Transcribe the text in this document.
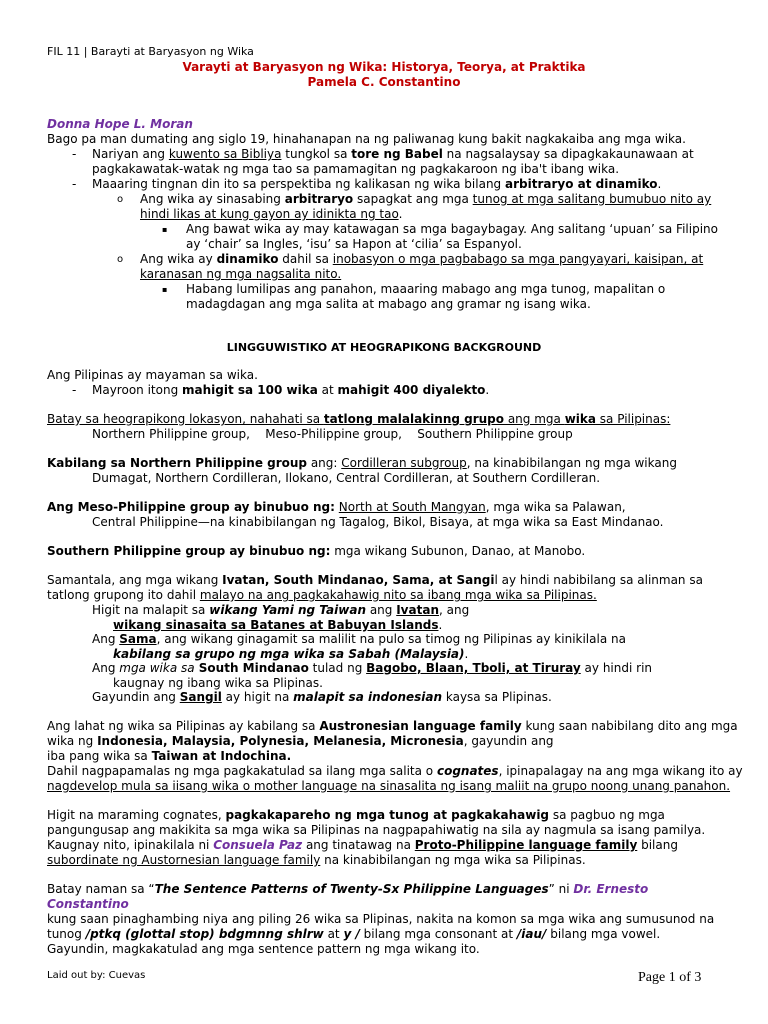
FIL 11 | Barayti at Baryasyon ng Wika
Varayti at Baryasyon ng Wika: Historya, Teorya, at Praktika
Pamela C. Constantino
Donna Hope L. Moran
Bago pa man dumating ang siglo 19, hinahanapan na ng paliwanag kung bakit nagkakaiba ang mga wika.
- Nariyan ang kuwento sa Bibliya tungkol sa tore ng Babel na nagsalaysay sa dipagkakaunawaan at
pagkakawatak-watak ng mga tao sa pamamagitan ng pagkakaroon ng iba't ibang wika.
- Maaaring tingnan din ito sa perspektiba ng kalikasan ng wika bilang arbitraryo at dinamiko.
o Ang wika ay sinasabing arbitraryo sapagkat ang mga tunog at mga salitang bumubuo nito ay
hindi likas at kung gayon ay idinikta ng tao.
▪ Ang bawat wika ay may katawagan sa mga bagaybagay. Ang salitang ‘upuan’ sa Filipino
ay ‘chair’ sa Ingles, ‘isu’ sa Hapon at ‘cilia’ sa Espanyol.
o Ang wika ay dinamiko dahil sa inobasyon o mga pagbabago sa mga pangyayari, kaisipan, at
karanasan ng mga nagsalita nito.
▪ Habang lumilipas ang panahon, maaaring mabago ang mga tunog, mapalitan o
madagdagan ang mga salita at mabago ang gramar ng isang wika.
LINGGUWISTIKO AT HEOGRAPIKONG BACKGROUND
Ang Pilipinas ay mayaman sa wika.
- Mayroon itong mahigit sa 100 wika at mahigit 400 diyalekto.
Batay sa heograpikong lokasyon, nahahati sa tatlong malalakinng grupo ang mga wika sa Pilipinas:
Northern Philippine group,    Meso-Philippine group,    Southern Philippine group
Kabilang sa Northern Philippine group ang: Cordilleran subgroup, na kinabibilangan ng mga wikang
Dumagat, Northern Cordilleran, Ilokano, Central Cordilleran, at Southern Cordilleran.
Ang Meso-Philippine group ay binubuo ng: North at South Mangyan, mga wika sa Palawan,
Central Philippine—na kinabibilangan ng Tagalog, Bikol, Bisaya, at mga wika sa East Mindanao.
Southern Philippine group ay binubuo ng: mga wikang Subunon, Danao, at Manobo.
Samantala, ang mga wikang Ivatan, South Mindanao, Sama, at Sangil ay hindi nabibilang sa alinman sa
tatlong grupong ito dahil malayo na ang pagkakahawig nito sa ibang mga wika sa Pilipinas.
Higit na malapit sa wikang Yami ng Taiwan ang Ivatan, ang
wikang sinasaita sa Batanes at Babuyan Islands.
Ang Sama, ang wikang ginagamit sa malilit na pulo sa timog ng Pilipinas ay kinikilala na
kabilang sa grupo ng mga wika sa Sabah (Malaysia).
Ang mga wika sa South Mindanao tulad ng Bagobo, Blaan, Tboli, at Tiruray ay hindi rin
kaugnay ng ibang wika sa Plipinas.
Gayundin ang Sangil ay higit na malapit sa indonesian kaysa sa Plipinas.
Ang lahat ng wika sa Pilipinas ay kabilang sa Austronesian language family kung saan nabibilang dito ang mga
wika ng Indonesia, Malaysia, Polynesia, Melanesia, Micronesia, gayundin ang
iba pang wika sa Taiwan at Indochina.
Dahil nagpapamalas ng mga pagkakatulad sa ilang mga salita o cognates, ipinapalagay na ang mga wikang ito ay
nagdevelop mula sa iisang wika o mother language na sinasalita ng isang maliit na grupo noong unang panahon.
Higit na maraming cognates, pagkakapareho ng mga tunog at pagkakahawig sa pagbuo ng mga
pangungusap ang makikita sa mga wika sa Pilipinas na nagpapahiwatig na sila ay nagmula sa isang pamilya.
Kaugnay nito, ipinakilala ni Consuela Paz ang tinatawag na Proto-Philippine language family bilang
subordinate ng Austornesian language family na kinabibilangan ng mga wika sa Pilipinas.
Batay naman sa “The Sentence Patterns of Twenty-Sx Philippine Languages” ni Dr. Ernesto
Constantino
kung saan pinaghambing niya ang piling 26 wika sa Plipinas, nakita na komon sa mga wika ang sumusunod na
tunog /ptkq (glottal stop) bdgmnng shlrw at y / bilang mga consonant at /iau/ bilang mga vowel.
Gayundin, magkakatulad ang mga sentence pattern ng mga wikang ito.
Laid out by: Cuevas	Page 1 of 3
